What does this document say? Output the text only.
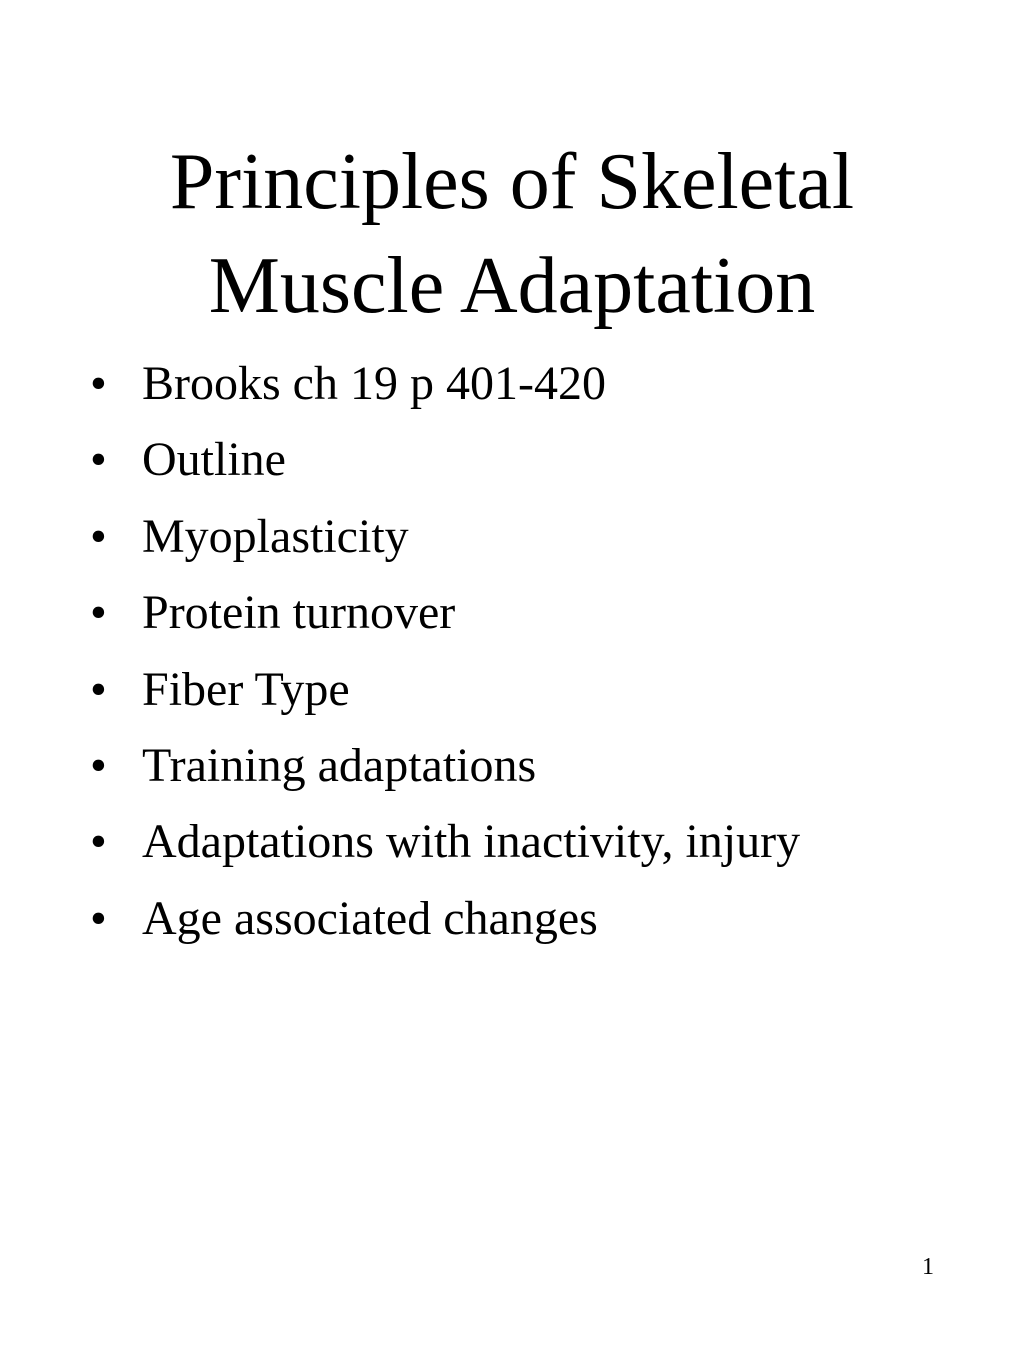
Principles of Skeletal
Muscle Adaptation
• Brooks ch 19 p 401-420
• Outline
• Myoplasticity
• Protein turnover
• Fiber Type
• Training adaptations
• Adaptations with inactivity, injury
• Age associated changes
1
